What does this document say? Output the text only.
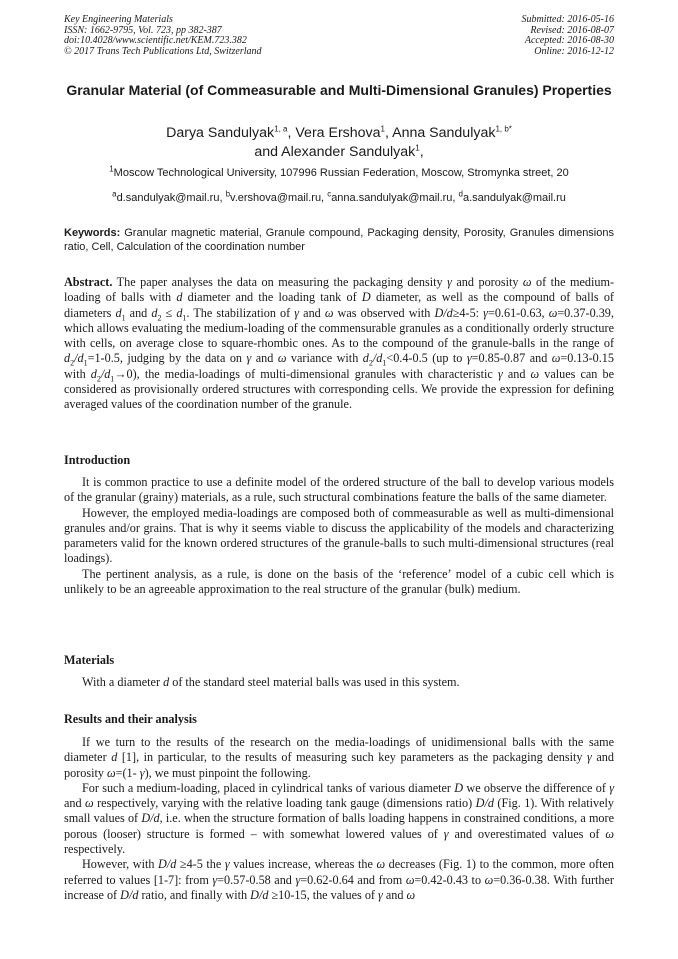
Key Engineering Materials
ISSN: 1662-9795, Vol. 723, pp 382-387
doi:10.4028/www.scientific.net/KEM.723.382
© 2017 Trans Tech Publications Ltd, Switzerland
Submitted: 2016-05-16
Revised: 2016-08-07
Accepted: 2016-08-30
Online: 2016-12-12
Granular Material (of Commeasurable and Multi-Dimensional Granules) Properties
Darya Sandulyak$^{1, a}$, Vera Ershova$^1$, Anna Sandulyak$^{1, b*}$
and Alexander Sandulyak$^1$,
$^1$Moscow Technological University, 107996 Russian Federation, Moscow, Stromynka street, 20
$^a$d.sandulyak@mail.ru, $^b$v.ershova@mail.ru, $^c$anna.sandulyak@mail.ru, $^d$a.sandulyak@mail.ru
Keywords: Granular magnetic material, Granule compound, Packaging density, Porosity, Granules dimensions ratio, Cell, Calculation of the coordination number

Abstract. The paper analyses the data on measuring the packaging density γ and porosity ω of the medium-loading of balls with d diameter and the loading tank of D diameter, as well as the compound of balls of diameters $d_1$ and $d_2 \le d_1$. The stabilization of γ and ω was observed with D/d≥4-5: γ=0.61-0.63, ω=0.37-0.39, which allows evaluating the medium-loading of the commensurable granules as a conditionally orderly structure with cells, on average close to square-rhombic ones. As to the compound of the granule-balls in the range of $d_2/d_1=1-0.5$, judging by the data on γ and ω variance with $d_2/d_1<0.4-0.5$ (up to γ=0.85-0.87 and ω=0.13-0.15 with $d_2/d_1\to 0$), the media-loadings of multi-dimensional granules with characteristic γ and ω values can be considered as provisionally ordered structures with corresponding cells. We provide the expression for defining averaged values of the coordination number of the granule.

Introduction

It is common practice to use a definite model of the ordered structure of the ball to develop various models of the granular (grainy) materials, as a rule, such structural combinations feature the balls of the same diameter.

However, the employed media-loadings are composed both of commeasurable as well as multi-dimensional granules and/or grains. That is why it seems viable to discuss the applicability of the models and characterizing parameters valid for the known ordered structures of the granule-balls to such multi-dimensional structures (real loadings).

The pertinent analysis, as a rule, is done on the basis of the ‘reference’ model of a cubic cell which is unlikely to be an agreeable approximation to the real structure of the granular (bulk) medium.

Materials

With a diameter d of the standard steel material balls was used in this system.

Results and their analysis

If we turn to the results of the research on the media-loadings of unidimensional balls with the same diameter d [1], in particular, to the results of measuring such key parameters as the packaging density γ and porosity ω=(1- γ), we must pinpoint the following.

For such a medium-loading, placed in cylindrical tanks of various diameter D we observe the difference of γ and ω respectively, varying with the relative loading tank gauge (dimensions ratio) D/d (Fig. 1). With relatively small values of D/d, i.e. when the structure formation of balls loading happens in constrained conditions, a more porous (looser) structure is formed – with somewhat lowered values of γ and overestimated values of ω respectively.

However, with D/d ≥4-5 the γ values increase, whereas the ω decreases (Fig. 1) to the common, more often referred to values [1-7]: from γ=0.57-0.58 and γ=0.62-0.64 and from ω=0.42-0.43 to ω=0.36-0.38. With further increase of D/d ratio, and finally with D/d ≥10-15, the values of γ and ω
